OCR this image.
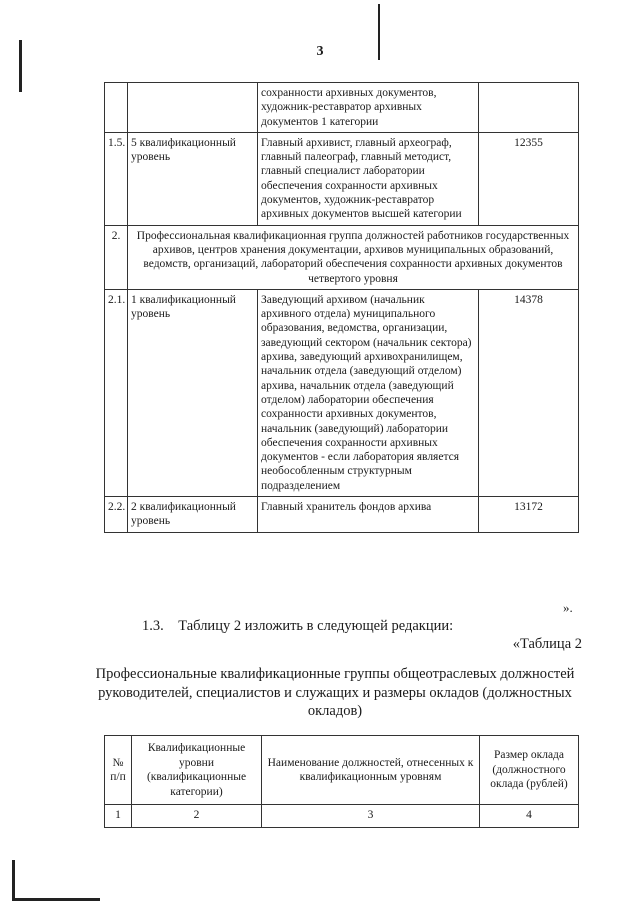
3
		сохранности архивных документов, художник-реставратор архивных документов 1 категории	
1.5.	5 квалификационный уровень	Главный архивист, главный археограф, главный палеограф, главный методист, главный специалист лаборатории обеспечения сохранности архивных документов, художник-реставратор архивных документов высшей категории	12355
2.	Профессиональная квалификационная группа должностей работников государственных архивов, центров хранения документации, архивов муниципальных образований, ведомств, организаций, лабораторий обеспечения сохранности архивных документов четвертого уровня		
2.1.	1 квалификационный уровень	Заведующий архивом (начальник архивного отдела) муниципального образования, ведомства, организации, заведующий сектором (начальник сектора) архива, заведующий архивохранилищем, начальник отдела (заведующий отделом) архива, начальник отдела (заведующий отделом) лаборатории обеспечения сохранности архивных документов, начальник (заведующий) лаборатории обеспечения сохранности архивных документов - если лаборатория является необособленным структурным подразделением	14378
2.2.	2 квалификационный уровень	Главный хранитель фондов архива	13172
».
1.3.    Таблицу 2 изложить в следующей редакции:
«Таблица 2
Профессиональные квалификационные группы общеотраслевых должностей руководителей, специалистов и служащих и размеры окладов (должностных окладов)
№ п/п	Квалификационные уровни (квалификационные категории)	Наименование должностей, отнесенных к квалификационным уровням	Размер оклада (должностного оклада (рублей)
1	2	3	4
